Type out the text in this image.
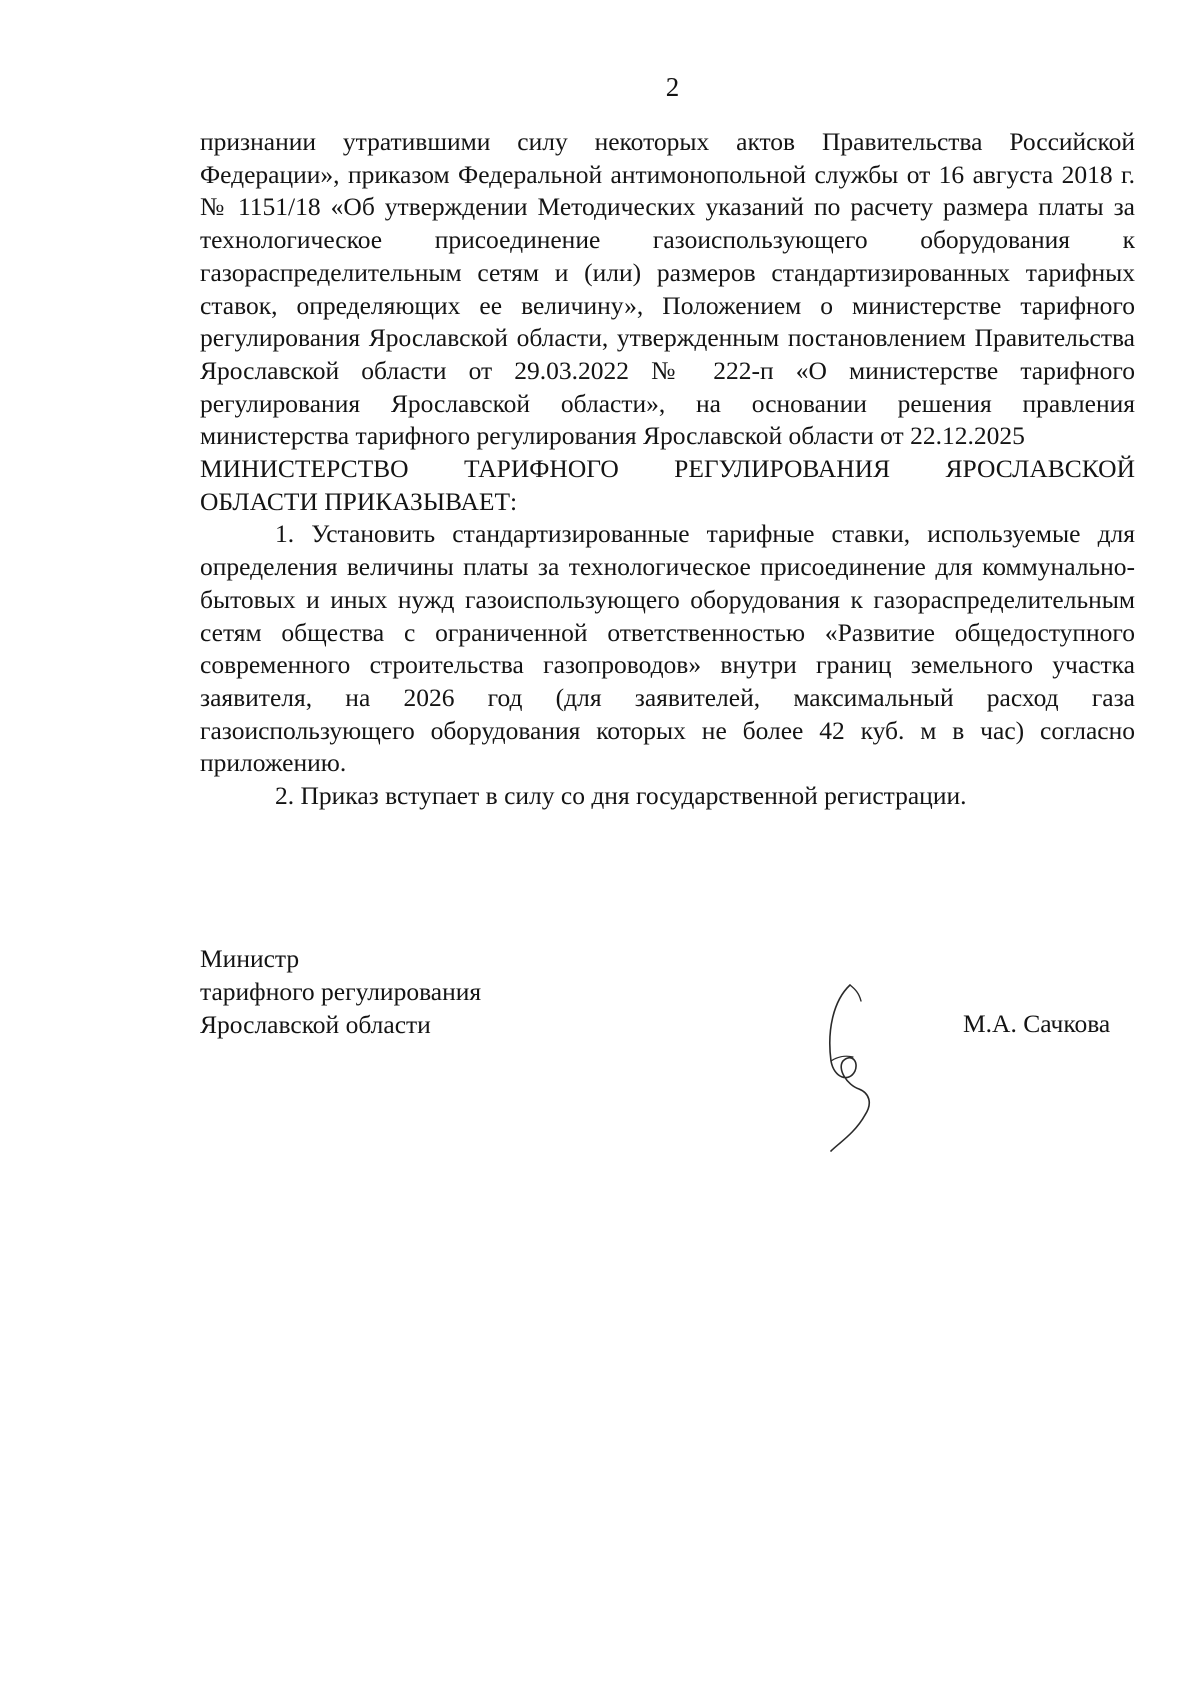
2

признании утратившими силу некоторых актов Правительства Российской Федерации», приказом Федеральной антимонопольной службы от 16 августа 2018 г. № 1151/18 «Об утверждении Методических указаний по расчету размера платы за технологическое присоединение газоиспользующего оборудования к газораспределительным сетям и (или) размеров стандартизированных тарифных ставок, определяющих ее величину», Положением о министерстве тарифного регулирования Ярославской области, утвержденным постановлением Правительства Ярославской области от 29.03.2022 № 222-п «О министерстве тарифного регулирования Ярославской области», на основании решения правления министерства тарифного регулирования Ярославской области от 22.12.2025

МИНИСТЕРСТВО ТАРИФНОГО РЕГУЛИРОВАНИЯ ЯРОСЛАВСКОЙ

ОБЛАСТИ ПРИКАЗЫВАЕТ:

1. Установить стандартизированные тарифные ставки, используемые для определения величины платы за технологическое присоединение для коммунально-бытовых и иных нужд газоиспользующего оборудования к газораспределительным сетям общества с ограниченной ответственностью «Развитие общедоступного современного строительства газопроводов» внутри границ земельного участка заявителя, на 2026 год (для заявителей, максимальный расход газа газоиспользующего оборудования которых не более 42 куб. м в час) согласно приложению.

2. Приказ вступает в силу со дня государственной регистрации.

Министр
тарифного регулирования
Ярославской области	М.А. Сачкова
